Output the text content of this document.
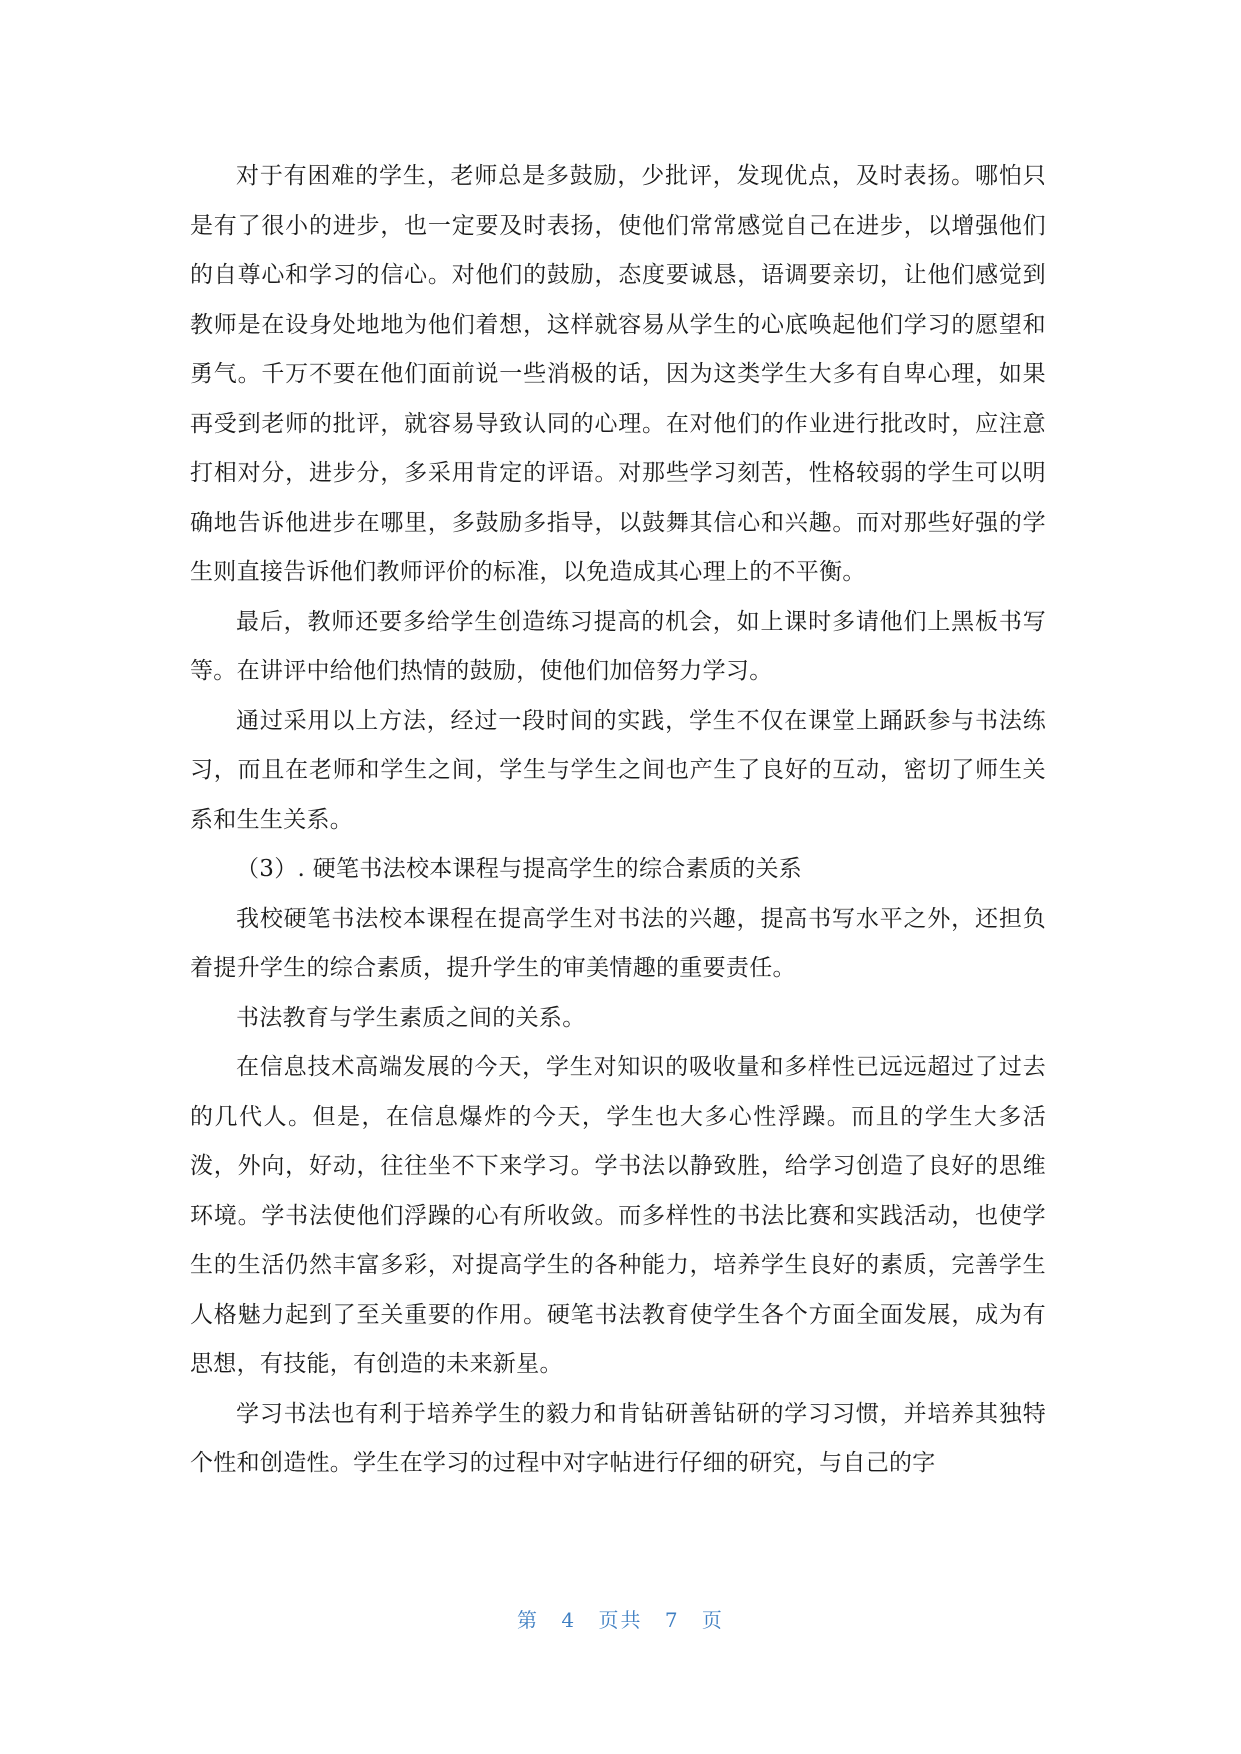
对于有困难的学生，老师总是多鼓励，少批评，发现优点，及时表扬。哪怕只是有了很小的进步，也一定要及时表扬，使他们常常感觉自己在进步，以增强他们的自尊心和学习的信心。对他们的鼓励，态度要诚恳，语调要亲切，让他们感觉到教师是在设身处地地为他们着想，这样就容易从学生的心底唤起他们学习的愿望和勇气。千万不要在他们面前说一些消极的话，因为这类学生大多有自卑心理，如果再受到老师的批评，就容易导致认同的心理。在对他们的作业进行批改时，应注意打相对分，进步分，多采用肯定的评语。对那些学习刻苦，性格较弱的学生可以明确地告诉他进步在哪里，多鼓励多指导，以鼓舞其信心和兴趣。而对那些好强的学生则直接告诉他们教师评价的标准，以免造成其心理上的不平衡。

最后，教师还要多给学生创造练习提高的机会，如上课时多请他们上黑板书写等。在讲评中给他们热情的鼓励，使他们加倍努力学习。

通过采用以上方法，经过一段时间的实践，学生不仅在课堂上踊跃参与书法练习，而且在老师和学生之间，学生与学生之间也产生了良好的互动，密切了师生关系和生生关系。

（3）. 硬笔书法校本课程与提高学生的综合素质的关系

我校硬笔书法校本课程在提高学生对书法的兴趣，提高书写水平之外，还担负着提升学生的综合素质，提升学生的审美情趣的重要责任。

书法教育与学生素质之间的关系。

在信息技术高端发展的今天，学生对知识的吸收量和多样性已远远超过了过去的几代人。但是，在信息爆炸的今天，学生也大多心性浮躁。而且的学生大多活泼，外向，好动，往往坐不下来学习。学书法以静致胜，给学习创造了良好的思维环境。学书法使他们浮躁的心有所收敛。而多样性的书法比赛和实践活动，也使学生的生活仍然丰富多彩，对提高学生的各种能力，培养学生良好的素质，完善学生人格魅力起到了至关重要的作用。硬笔书法教育使学生各个方面全面发展，成为有思想，有技能，有创造的未来新星。

学习书法也有利于培养学生的毅力和肯钻研善钻研的学习习惯，并培养其独特个性和创造性。学生在学习的过程中对字帖进行仔细的研究，与自己的字

第 4 页共 7 页
